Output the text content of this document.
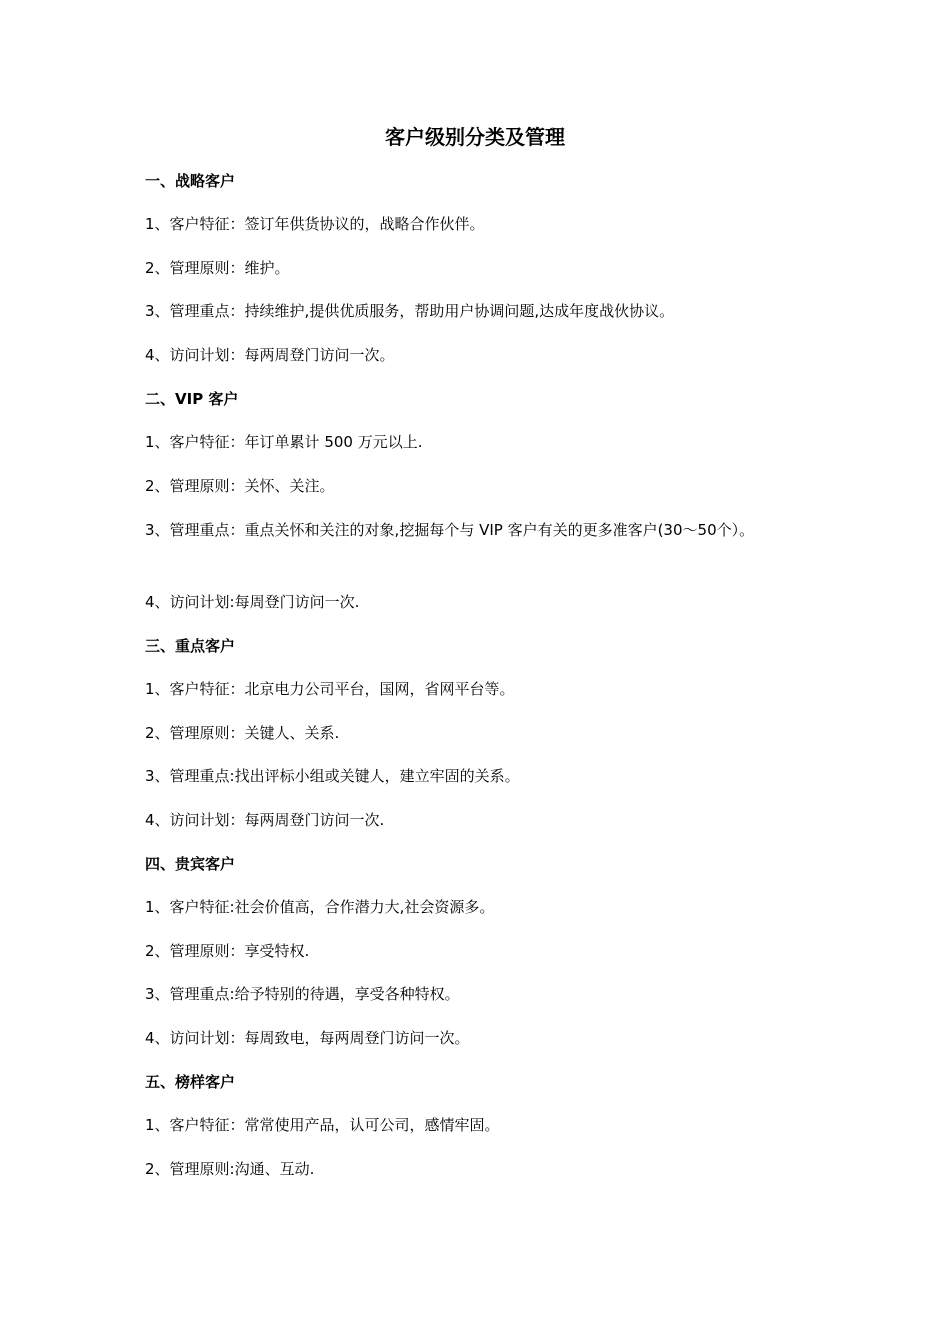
客户级别分类及管理
一、战略客户
1、客户特征：签订年供货协议的，战略合作伙伴。
2、管理原则：维护。
3、管理重点：持续维护,提供优质服务，帮助用户协调问题,达成年度战伙协议。
4、访问计划：每两周登门访问一次。
二、VIP 客户
1、客户特征：年订单累计 500 万元以上.
2、管理原则：关怀、关注。
3、管理重点：重点关怀和关注的对象,挖掘每个与 VIP 客户有关的更多准客户(30～50个）。
4、访问计划:每周登门访问一次.
三、重点客户
1、客户特征：北京电力公司平台，国网，省网平台等。
2、管理原则：关键人、关系.
3、管理重点:找出评标小组或关键人，建立牢固的关系。
4、访问计划：每两周登门访问一次.
四、贵宾客户
1、客户特征:社会价值高，合作潜力大,社会资源多。
2、管理原则：享受特权.
3、管理重点:给予特别的待遇，享受各种特权。
4、访问计划：每周致电，每两周登门访问一次。
五、榜样客户
1、客户特征：常常使用产品，认可公司，感情牢固。
2、管理原则:沟通、互动.
